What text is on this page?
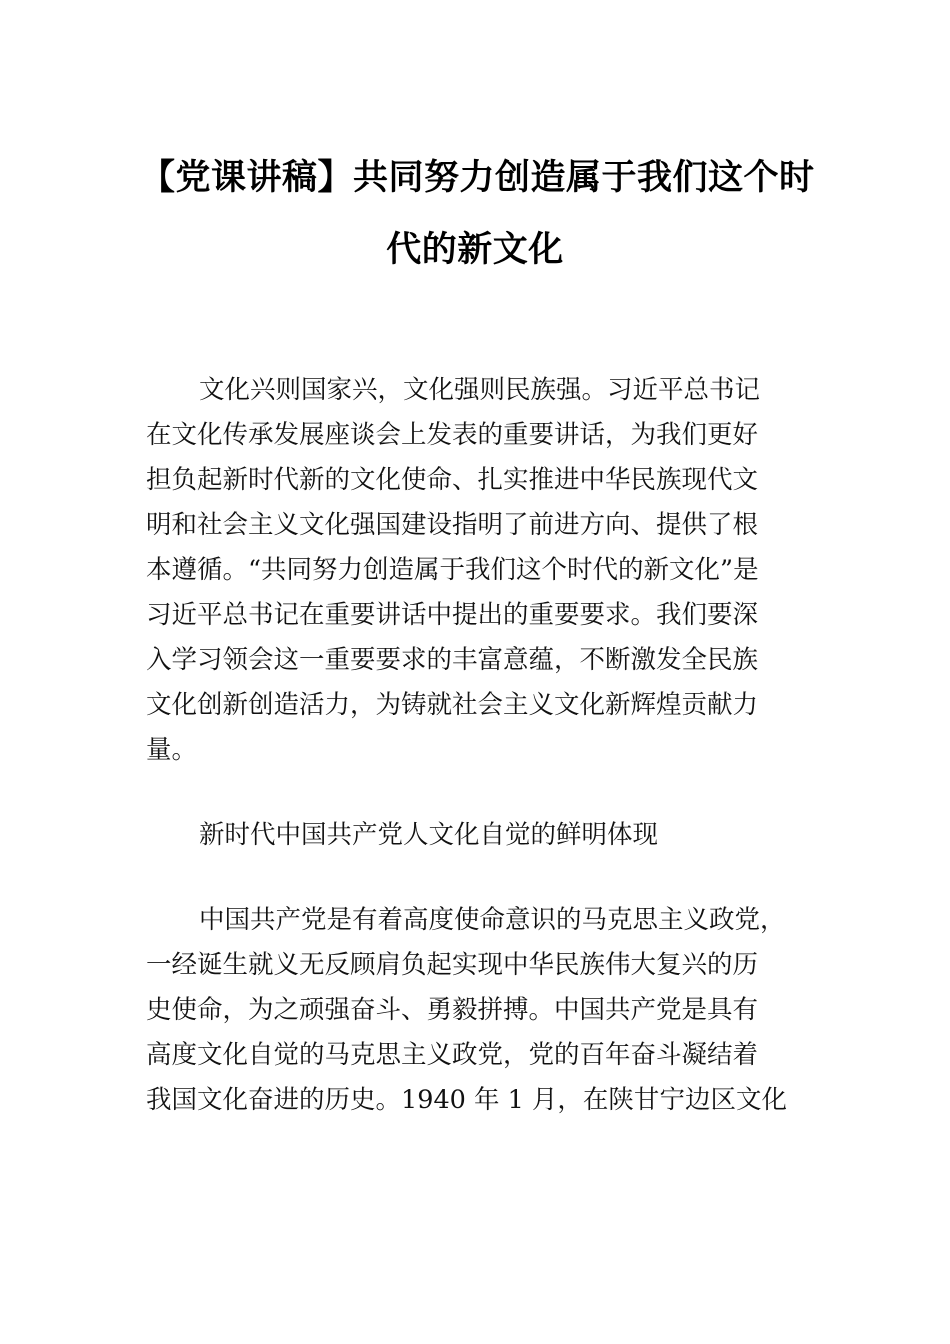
【党课讲稿】共同努力创造属于我们这个时
代的新文化

文化兴则国家兴，文化强则民族强。习近平总书记

在文化传承发展座谈会上发表的重要讲话，为我们更好

担负起新时代新的文化使命、扎实推进中华民族现代文

明和社会主义文化强国建设指明了前进方向、提供了根

本遵循。“共同努力创造属于我们这个时代的新文化”是

习近平总书记在重要讲话中提出的重要要求。我们要深

入学习领会这一重要要求的丰富意蕴，不断激发全民族

文化创新创造活力，为铸就社会主义文化新辉煌贡献力

量。

新时代中国共产党人文化自觉的鲜明体现

中国共产党是有着高度使命意识的马克思主义政党，

一经诞生就义无反顾肩负起实现中华民族伟大复兴的历

史使命，为之顽强奋斗、勇毅拼搏。中国共产党是具有

高度文化自觉的马克思主义政党，党的百年奋斗凝结着

我国文化奋进的历史。1940 年 1 月，在陕甘宁边区文化
